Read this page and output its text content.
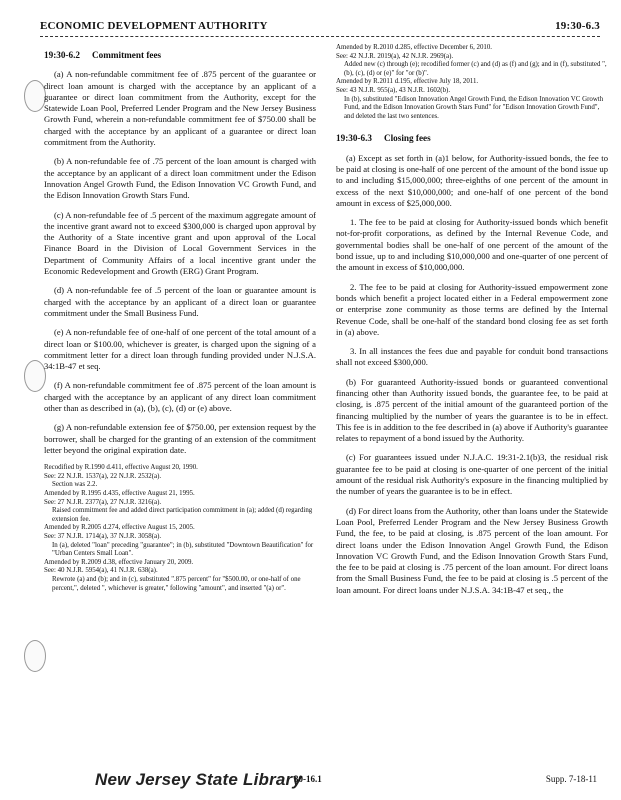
ECONOMIC DEVELOPMENT AUTHORITY	19:30-6.3
19:30-6.2 Commitment fees

(a) A non-refundable commitment fee of .875 percent of the guarantee or direct loan amount is charged with the acceptance by an applicant of a guarantee or direct loan commitment from the Authority, except for the Statewide Loan Pool, Preferred Lender Program and the New Jersey Business Growth Fund, wherein a non-refundable commitment fee of $750.00 shall be charged with the acceptance by an applicant of a guarantee or direct loan commitment from the Authority.

(b) A non-refundable fee of .75 percent of the loan amount is charged with the acceptance by an applicant of a direct loan commitment under the Edison Innovation Angel Growth Fund, the Edison Innovation VC Growth Fund, and the Edison Innovation Growth Stars Fund.

(c) A non-refundable fee of .5 percent of the maximum aggregate amount of the incentive grant award not to exceed $300,000 is charged upon approval by the Authority of a State incentive grant and upon approval of the Local Finance Board in the Division of Local Government Services in the Department of Community Affairs of a local incentive grant under the Economic Redevelopment and Growth (ERG) Grant Program.

(d) A non-refundable fee of .5 percent of the loan or guarantee amount is charged with the acceptance by an applicant of a direct loan or guarantee commitment under the Small Business Fund.

(e) A non-refundable fee of one-half of one percent of the total amount of a direct loan or $100.00, whichever is greater, is charged upon the signing of a commitment letter for a direct loan through funding provided under N.J.S.A. 34:1B-47 et seq.

(f) A non-refundable commitment fee of .875 percent of the loan amount is charged with the acceptance by an applicant of any direct loan commitment other than as described in (a), (b), (c), (d) or (e) above.

(g) A non-refundable extension fee of $750.00, per extension request by the borrower, shall be charged for the granting of an extension of the commitment letter beyond the original expiration date.

Recodified by R.1990 d.411, effective August 20, 1990.
See: 22 N.J.R. 1537(a), 22 N.J.R. 2532(a).
Section was 2.2.
Amended by R.1995 d.435, effective August 21, 1995.
See: 27 N.J.R. 2377(a), 27 N.J.R. 3216(a).
Raised commitment fee and added direct participation commitment in (a); added (d) regarding extension fee.
Amended by R.2005 d.274, effective August 15, 2005.
See: 37 N.J.R. 1714(a), 37 N.J.R. 3058(a).
In (a), deleted "loan" preceding "guarantee"; in (b), substituted "Downtown Beautification" for "Urban Centers Small Loan".
Amended by R.2009 d.38, effective January 20, 2009.
See: 40 N.J.R. 5954(a), 41 N.J.R. 638(a).
Rewrote (a) and (b); and in (c), substituted ".875 percent" for "$500.00, or one-half of one percent,", deleted ", whichever is greater," following "amount", and inserted "(a) or".
Amended by R.2010 d.285, effective December 6, 2010.
See: 42 N.J.R. 2019(a), 42 N.J.R. 2969(a).
Added new (c) through (e); recodified former (c) and (d) as (f) and (g); and in (f), substituted ", (b), (c), (d) or (e)" for "or (b)".
Amended by R.2011 d.195, effective July 18, 2011.
See: 43 N.J.R. 955(a), 43 N.J.R. 1602(b).
In (b), substituted "Edison Innovation Angel Growth Fund, the Edison Innovation VC Growth Fund, and the Edison Innovation Growth Stars Fund" for "Edison Innovation Growth Fund", and deleted the last two sentences.
19:30-6.3 Closing fees

(a) Except as set forth in (a)1 below, for Authority-issued bonds, the fee to be paid at closing is one-half of one percent of the amount of the bond issue up to and including $15,000,000; three-eighths of one percent of the amount in excess of the next $10,000,000; and one-half of one percent of the bond amount in excess of $25,000,000.

1. The fee to be paid at closing for Authority-issued bonds which benefit not-for-profit corporations, as defined by the Internal Revenue Code, and governmental bodies shall be one-half of one percent of the amount of the bond issue, up to and including $10,000,000 and one-quarter of one percent of the amount in excess of $10,000,000.

2. The fee to be paid at closing for Authority-issued empowerment zone bonds which benefit a project located either in a Federal empowerment zone or enterprise zone community as those terms are defined by the Internal Revenue Code, shall be one-half of the standard bond closing fee as set forth in (a) above.

3. In all instances the fees due and payable for conduit bond transactions shall not exceed $300,000.

(b) For guaranteed Authority-issued bonds or guaranteed conventional financing other than Authority issued bonds, the guarantee fee, to be paid at closing, is .875 percent of the initial amount of the guaranteed portion of the financing multiplied by the number of years the guarantee is to be in effect. This fee is in addition to the fee described in (a) above if Authority's guarantee relates to repayment of a bond issued by the Authority.

(c) For guarantees issued under N.J.A.C. 19:31-2.1(b)3, the residual risk guarantee fee to be paid at closing is one-quarter of one percent of the initial amount of the residual risk Authority's exposure in the financing multiplied by the number of years the guarantee is to be in effect.

(d) For direct loans from the Authority, other than loans under the Statewide Loan Pool, Preferred Lender Program and the New Jersey Business Growth Fund, the fee, to be paid at closing, is .875 percent of the loan amount. For direct loans under the Edison Innovation Angel Growth Fund, the Edison Innovation VC Growth Fund, and the Edison Innovation Growth Stars Fund, the fee to be paid at closing is .75 percent of the loan amount. For direct loans from the Small Business Fund, the fee to be paid at closing is .5 percent of the loan amount. For direct loans under N.J.S.A. 34:1B-47 et seq., the

New Jersey State Library
30-16.1	Supp. 7-18-11
